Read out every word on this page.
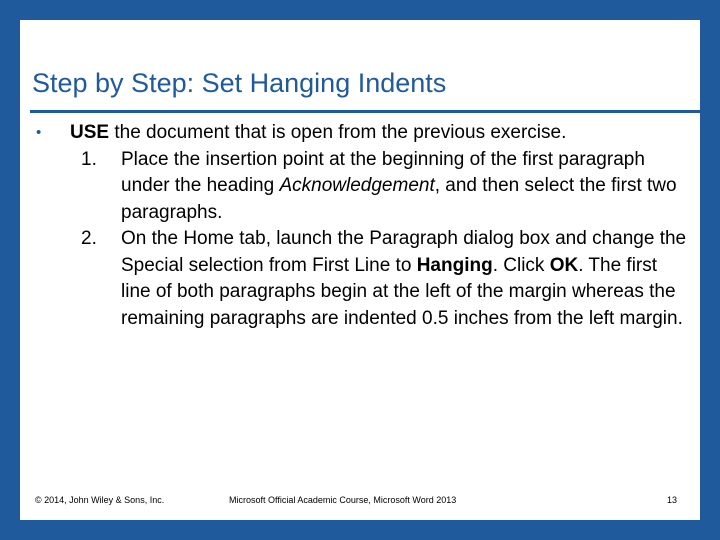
Step by Step: Set Hanging Indents
• USE the document that is open from the previous exercise.
1. Place the insertion point at the beginning of the first paragraph under the heading Acknowledgement, and then select the first two paragraphs.
2. On the Home tab, launch the Paragraph dialog box and change the Special selection from First Line to Hanging. Click OK. The first line of both paragraphs begin at the left of the margin whereas the remaining paragraphs are indented 0.5 inches from the left margin.
© 2014, John Wiley & Sons, Inc.	Microsoft Official Academic Course, Microsoft Word 2013	13
